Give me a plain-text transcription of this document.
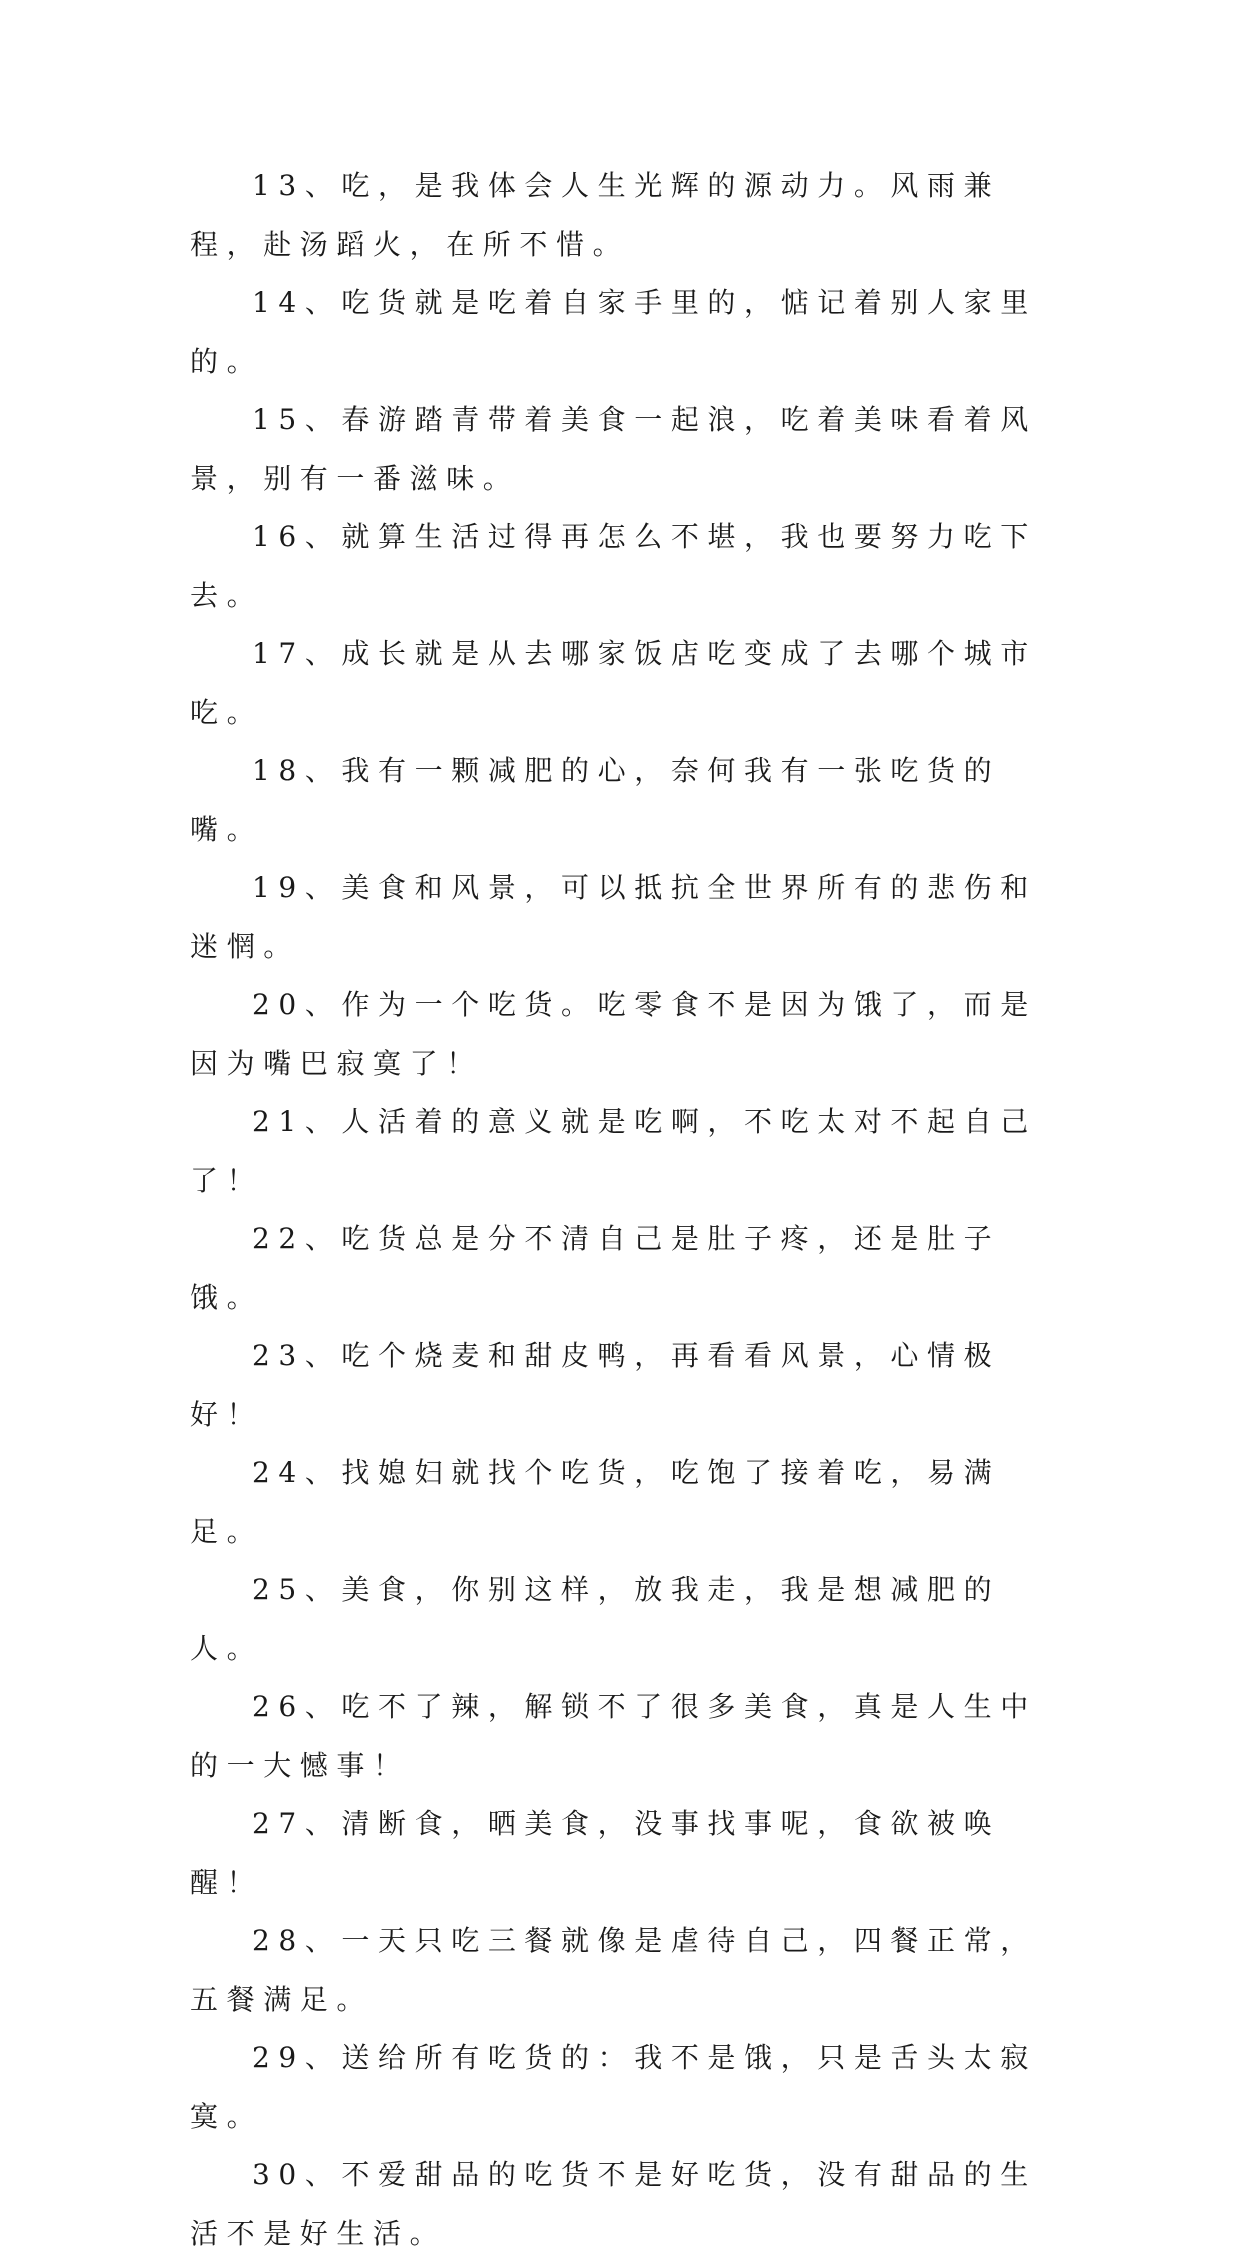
13、吃，是我体会人生光辉的源动力。风雨兼程，赴汤蹈火，在所不惜。

14、吃货就是吃着自家手里的，惦记着别人家里的。

15、春游踏青带着美食一起浪，吃着美味看着风景，别有一番滋味。

16、就算生活过得再怎么不堪，我也要努力吃下去。

17、成长就是从去哪家饭店吃变成了去哪个城市吃。

18、我有一颗减肥的心，奈何我有一张吃货的嘴。

19、美食和风景，可以抵抗全世界所有的悲伤和迷惘。

20、作为一个吃货。吃零食不是因为饿了，而是因为嘴巴寂寞了！

21、人活着的意义就是吃啊，不吃太对不起自己了！

22、吃货总是分不清自己是肚子疼，还是肚子饿。

23、吃个烧麦和甜皮鸭，再看看风景，心情极好！

24、找媳妇就找个吃货，吃饱了接着吃，易满足。

25、美食，你别这样，放我走，我是想减肥的人。

26、吃不了辣，解锁不了很多美食，真是人生中的一大憾事！

27、清断食，晒美食，没事找事呢，食欲被唤醒！

28、一天只吃三餐就像是虐待自己，四餐正常，五餐满足。

29、送给所有吃货的：我不是饿，只是舌头太寂寞。

30、不爱甜品的吃货不是好吃货，没有甜品的生活不是好生活。
